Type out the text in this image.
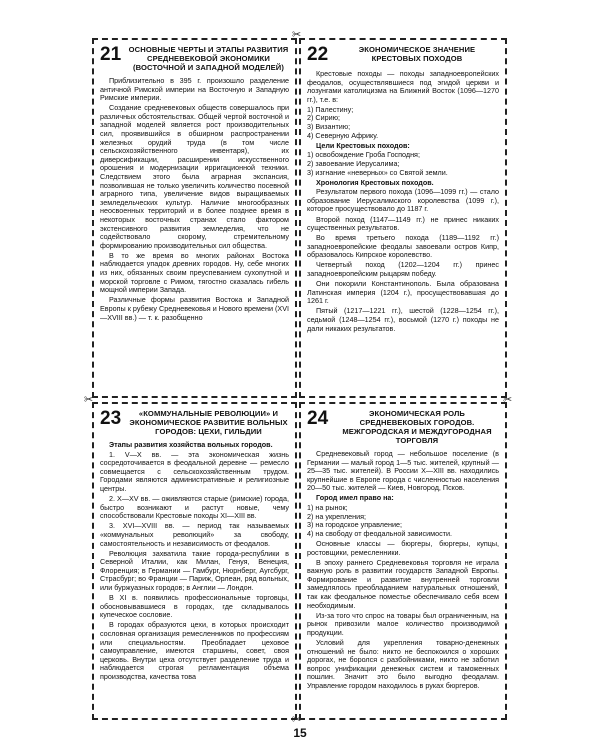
21 ОСНОВНЫЕ ЧЕРТЫ И ЭТАПЫ РАЗВИТИЯ СРЕДНЕВЕКОВОЙ ЭКОНОМИКИ (ВОСТОЧНОЙ И ЗАПАДНОЙ МОДЕЛЕЙ)

Приблизительно в 395 г. произошло разделение античной Римской империи на Восточную и Западную Римские империи.

Создание средневековых обществ совершалось при различных обстоятельствах. Общей чертой восточной и западной моделей является рост производительных сил, проявившийся в обширном распространении железных орудий труда (в том числе сельскохозяйственного инвентаря), их диверсификации, расширении искусственного орошения и модернизации ирригационной техники. Следствием этого была аграрная экспансия, позволившая не только увеличить количество посевной аграрного типа, увеличение видов выращиваемых земледельческих культур. Наличие многообразных неосвоенных территорий и в более позднее время в некоторых восточных странах стало фактором экстенсивного развития земледелия, что не содействовало скорому, стремительному формированию производительных сил общества.

В то же время во многих районах Востока наблюдается упадок древних городов. Ну, себе многих из них, обязанных своим преуспеванием сухопутной и морской торговле с Римом, тягостно сказалась гибель мощной империи Запада.

Различные формы развития Востока и Западной Европы к рубежу Средневековья и Нового времени (XVI—XVIII вв.) — т. к. разобщенно

22	ЭКОНОМИЧЕСКОЕ ЗНАЧЕНИЕ КРЕСТОВЫХ ПОХОДОВ

Крестовые походы — походы западноевропейских феодалов, осуществлявшиеся под эгидой церкви и лозунгами католицизма на Ближний Восток (1096—1270 гг.), т.е. в:

1) Палестину;
2) Сирию;
3) Византию;
4) Северную Африку.
Цели Крестовых походов:
1) освобождение Гроба Господня;
2) завоевание Иерусалима;
3) изгнание «неверных» со Святой земли.
Хронология Крестовых походов.

Результатом первого похода (1096—1099 гг.) — стало образование Иерусалимского королевства (1099 г.), которое просуществовало до 1187 г.

Второй поход (1147—1149 гг.) не принес никаких существенных результатов.

Во время третьего похода (1189—1192 гг.) западноевропейские феодалы завоевали остров Кипр, образовалось Кипрское королевство.

Четвертый поход (1202—1204 гг.) принес западноевропейским рыцарям победу.

Они покорили Константинополь. Была образована Латинская империя (1204 г.), просуществовавшая до 1261 г.

Пятый (1217—1221 гг.), шестой (1228—1254 гг.), седьмой (1248—1254 гг.), восьмой (1270 г.) походы не дали никаких результатов.

23	«КОММУНАЛЬНЫЕ РЕВОЛЮЦИИ» И ЭКОНОМИЧЕСКОЕ РАЗВИТИЕ ВОЛЬНЫХ ГОРОДОВ: ЦЕХИ, ГИЛЬДИИ
Этапы развития хозяйства вольных городов.

1. V—X вв. — эта экономическая жизнь сосредоточивается в феодальной деревне — ремесло совмещается с сельскохозяйственным трудом. Городами являются административные и религиозные центры.

2. X—XV вв. — оживляются старые (римские) города, быстро возникают и растут новые, чему способствовали Крестовые походы XI—XIII вв.

3. XVI—XVIII вв. — период так называемых «коммунальных революций» за свободу, самостоятельность и независимость от феодалов.

Революция захватила такие города-республики в Северной Италии, как Милан, Генуя, Венеция, Флоренция; в Германии — Гамбург, Нюрнберг, Аугсбург, Страсбург; во Франции — Париж, Орлеан, ряд вольных, или буржуазных городов; в Англии — Лондон.

В XI в. появились профессиональные торговцы, обосновывавшиеся в городах, где складывалось купеческое сословие.

В городах образуются цехи, в которых происходит сословная организация ремесленников по профессиям или специальностям. Преобладает цеховое самоуправление, имеются старшины, совет, своя церковь. Внутри цеха отсутствует разделение труда и наблюдается строгая регламентация объема производства, качества това

24	ЭКОНОМИЧЕСКАЯ РОЛЬ СРЕДНЕВЕКОВЫХ ГОРОДОВ. МЕЖГОРОДСКАЯ И МЕЖДУГОРОДНАЯ ТОРГОВЛЯ

Средневековый город — небольшое поселение (в Германии — малый город 1—5 тыс. жителей, крупный — 25—35 тыс. жителей). В России X—XIII вв. находились крупнейшие в Европе города с численностью населения 20—50 тыс. жителей — Киев, Новгород, Псков.

Город имел право на:
1) на рынок;
2) на укрепления;
3) на городское управление;
4) на свободу от феодальной зависимости.

Основные классы — бюргеры, бюргеры, купцы, ростовщики, ремесленники.

В эпоху раннего Средневековья торговля не играла важную роль в развитии государств Западной Европы. Формирование и развитие внутренней торговли замедлялось преобладанием натуральных отношений, так как феодальное поместье обеспечивало себя всем необходимым.

Из-за того что спрос на товары был ограниченным, на рынок привозили малое количество производимой продукции.

Условий для укрепления товарно-денежных отношений не было: никто не беспокоился о хороших дорогах, не боролся с разбойниками, никто не заботил вопрос унификации денежных систем и таможенных пошлин. Значит это было выгодно феодалам. Управление городом находилось в руках бюргеров.

✂	✂
✂
✂
15
